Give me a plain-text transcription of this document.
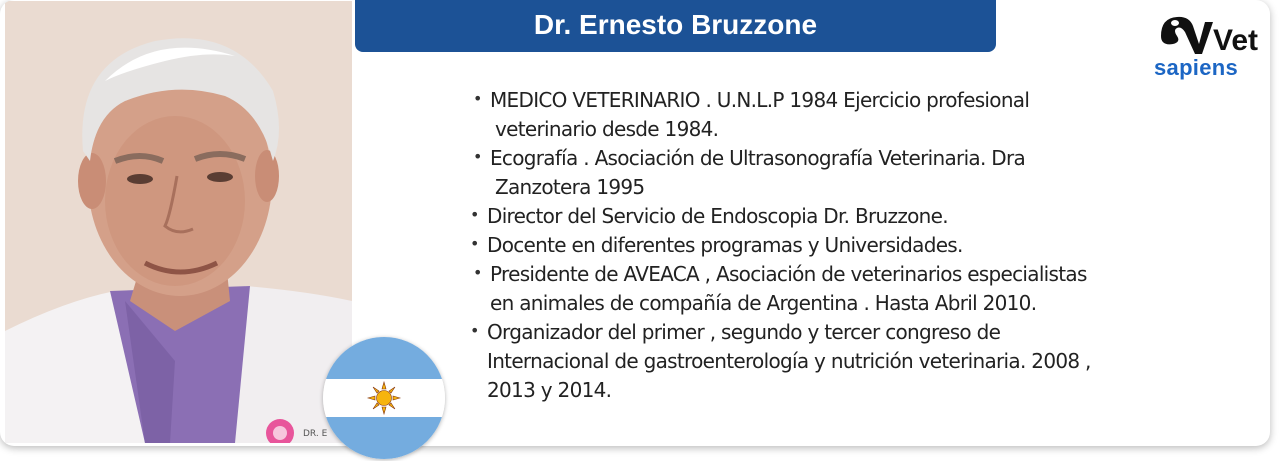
DR. E
Dr. Ernesto Bruzzone	Vet
sapiens
• MEDICO VETERINARIO . U.N.L.P 1984 Ejercicio profesional
veterinario desde 1984.
• Ecografía . Asociación de Ultrasonografía Veterinaria. Dra
Zanzotera 1995
• Director del Servicio de Endoscopia Dr. Bruzzone.
• Docente en diferentes programas y Universidades.
• Presidente de AVEACA , Asociación de veterinarios especialistas
en animales de compañía de Argentina . Hasta Abril 2010.
• Organizador del primer , segundo y tercer congreso de
Internacional de gastroenterología y nutrición veterinaria. 2008 ,
2013 y 2014.
